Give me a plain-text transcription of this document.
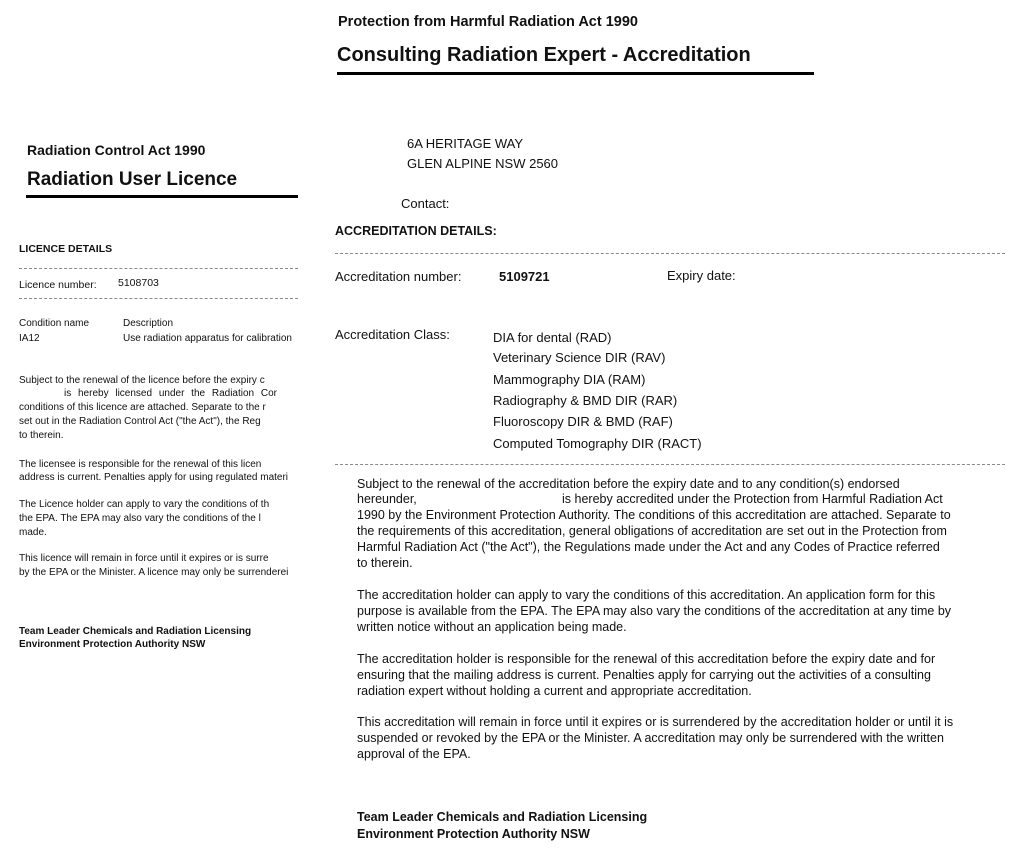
Radiation Control Act 1990
Radiation User Licence
LICENCE DETAILS
Licence number: 5108703
Condition name	Description
IA12	Use radiation apparatus for calibration
Subject to the renewal of the licence before the expiry c
is hereby licensed under the Radiation Cor
conditions of this licence are attached. Separate to the r
set out in the Radiation Control Act ("the Act"), the Reg
to therein.
The licensee is responsible for the renewal of this licen
address is current. Penalties apply for using regulated materi
The Licence holder can apply to vary the conditions of th
the EPA. The EPA may also vary the conditions of the l
made.
This licence will remain in force until it expires or is surre
by the EPA or the Minister. A licence may only be surrenderei
Team Leader Chemicals and Radiation Licensing
Environment Protection Authority NSW
Protection from Harmful Radiation Act 1990
Consulting Radiation Expert - Accreditation
6A HERITAGE WAY
GLEN ALPINE NSW 2560
Contact:
ACCREDITATION DETAILS:
Accreditation number:	5109721	Expiry date:
Accreditation Class:	DIA for dental (RAD)
Veterinary Science DIR (RAV)
Mammography DIA (RAM)
Radiography & BMD DIR (RAR)
Fluoroscopy DIR & BMD (RAF)
Computed Tomography DIR (RACT)
Subject to the renewal of the accreditation before the expiry date and to any condition(s) endorsed
hereunder,	is hereby accredited under the Protection from Harmful Radiation Act
1990 by the Environment Protection Authority. The conditions of this accreditation are attached. Separate to
the requirements of this accreditation, general obligations of accreditation are set out in the Protection from
Harmful Radiation Act ("the Act"), the Regulations made under the Act and any Codes of Practice referred
to therein.
The accreditation holder can apply to vary the conditions of this accreditation. An application form for this
purpose is available from the EPA. The EPA may also vary the conditions of the accreditation at any time by
written notice without an application being made.
The accreditation holder is responsible for the renewal of this accreditation before the expiry date and for
ensuring that the mailing address is current. Penalties apply for carrying out the activities of a consulting
radiation expert without holding a current and appropriate accreditation.
This accreditation will remain in force until it expires or is surrendered by the accreditation holder or until it is
suspended or revoked by the EPA or the Minister. A accreditation may only be surrendered with the written
approval of the EPA.
Team Leader Chemicals and Radiation Licensing
Environment Protection Authority NSW
